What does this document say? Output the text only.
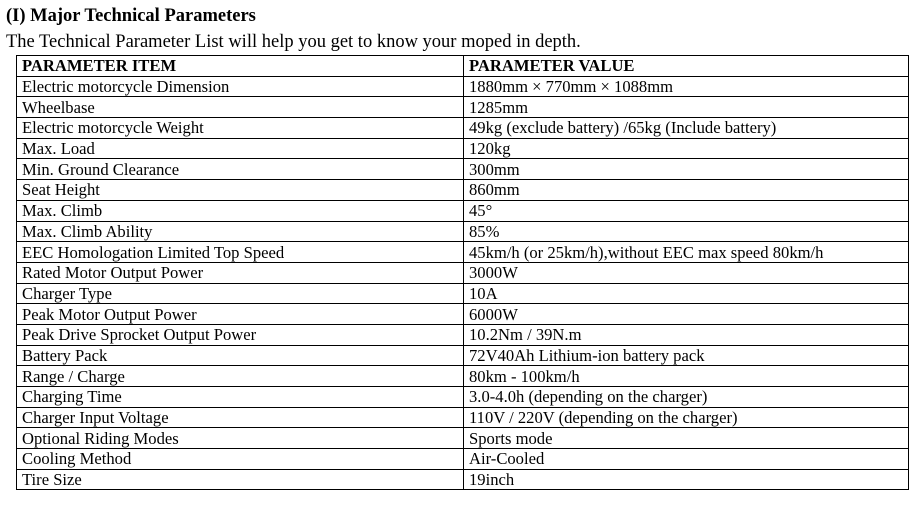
(I) Major Technical Parameters
The Technical Parameter List will help you get to know your moped in depth.
PARAMETER ITEM	PARAMETER VALUE
Electric motorcycle Dimension	1880mm × 770mm × 1088mm
Wheelbase	1285mm
Electric motorcycle Weight	49kg (exclude battery) /65kg (Include battery)
Max. Load	120kg
Min. Ground Clearance	300mm
Seat Height	860mm
Max. Climb	45°
Max. Climb Ability	85%
EEC Homologation Limited Top Speed	45km/h (or 25km/h),without EEC max speed 80km/h
Rated Motor Output Power	3000W
Charger Type	10A
Peak Motor Output Power	6000W
Peak Drive Sprocket Output Power	10.2Nm / 39N.m
Battery Pack	72V40Ah Lithium-ion battery pack
Range / Charge	80km - 100km/h
Charging Time	3.0-4.0h (depending on the charger)
Charger Input Voltage	110V / 220V (depending on the charger)
Optional Riding Modes	Sports mode
Cooling Method	Air-Cooled
Tire Size	19inch
